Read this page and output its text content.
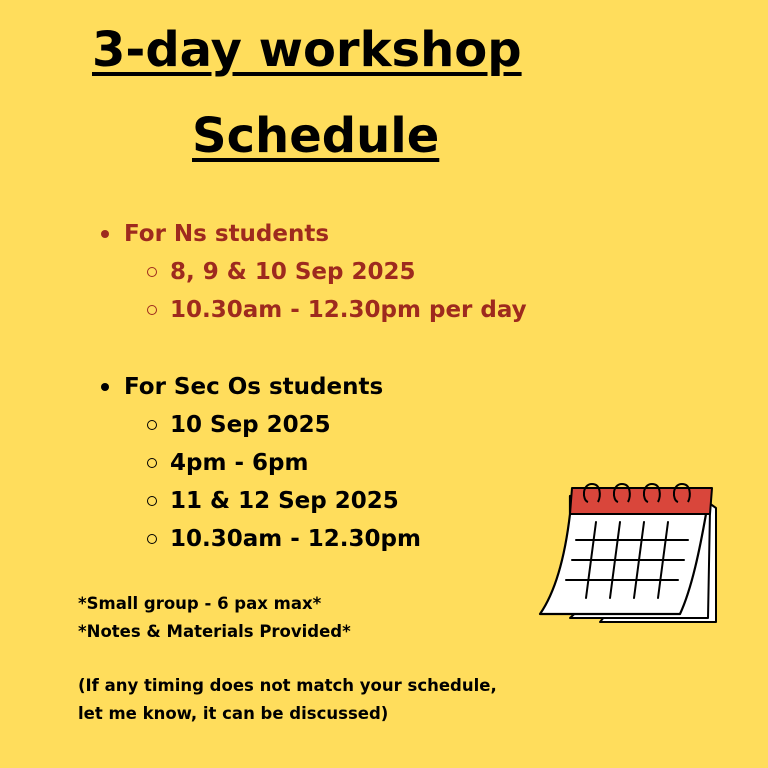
3-day workshop
Schedule
For Ns students
8, 9 & 10 Sep 2025
10.30am - 12.30pm per day
For Sec Os students
10 Sep 2025
4pm - 6pm
11 & 12 Sep 2025
10.30am - 12.30pm
*Small group - 6 pax max*
*Notes & Materials Provided*
(If any timing does not match your schedule,
let me know, it can be discussed)
